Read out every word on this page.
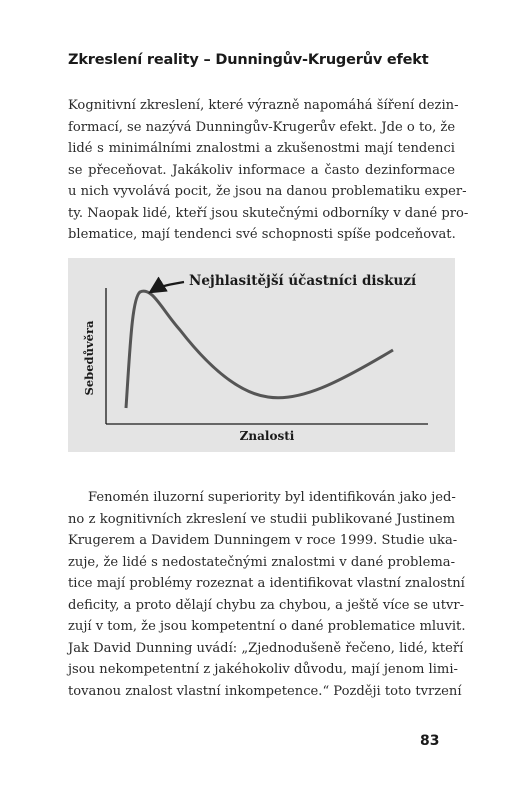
Zkreslení reality – Dunningův-Krugerův efekt
Kognitivní zkreslení, které výrazně napomáhá šíření dezin-
formací, se nazývá Dunningův-Krugerův efekt. Jde o to, že
lidé s minimálními znalostmi a zkušenostmi mají tendenci
se přeceňovat. Jakákoliv informace a často dezinformace
u nich vyvolává pocit, že jsou na danou problematiku exper-
ty. Naopak lidé, kteří jsou skutečnými odborníky v dané pro-
blematice, mají tendenci své schopnosti spíše podceňovat.
Nejhlasitější účastníci diskuzí
Znalosti
Sebedůvěra
Fenomén iluzorní superiority byl identifikován jako jed-
no z kognitivních zkreslení ve studii publikované Justinem
Krugerem a Davidem Dunningem v roce 1999. Studie uka-
zuje, že lidé s nedostatečnými znalostmi v dané problema-
tice mají problémy rozeznat a identifikovat vlastní znalostní
deficity, a proto dělají chybu za chybou, a ještě více se utvr-
zují v tom, že jsou kompetentní o dané problematice mluvit.
Jak David Dunning uvádí: „Zjednodušeně řečeno, lidé, kteří
jsou nekompetentní z jakéhokoliv důvodu, mají jenom limi-
tovanou znalost vlastní inkompetence.“ Později toto tvrzení
83
